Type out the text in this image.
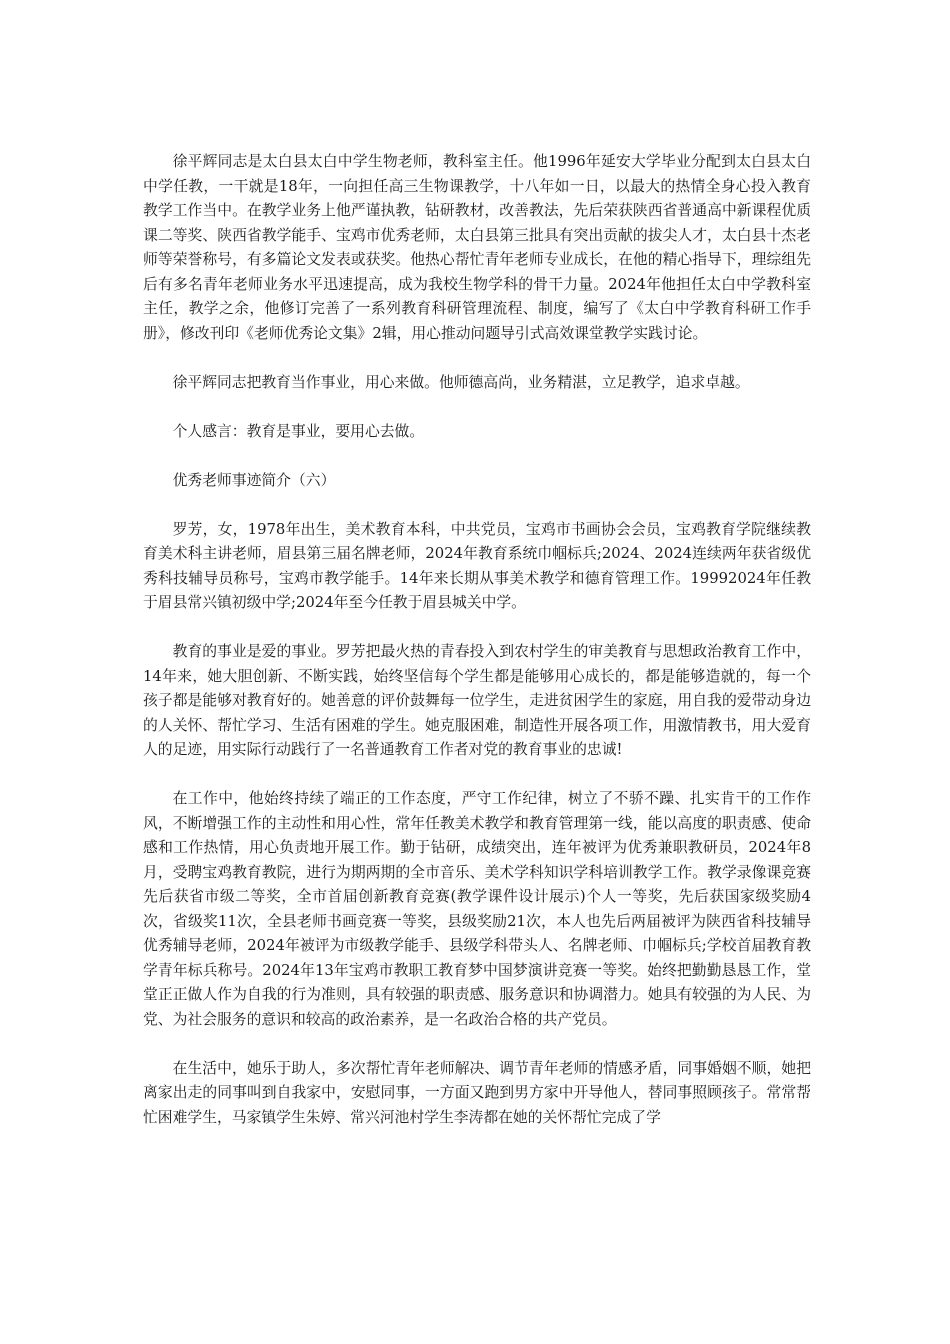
徐平辉同志是太白县太白中学生物老师，教科室主任。他1996年延安大学毕业分配到太白县太白中学任教，一干就是18年，一向担任高三生物课教学，十八年如一日，以最大的热情全身心投入教育教学工作当中。在教学业务上他严谨执教，钻研教材，改善教法，先后荣获陕西省普通高中新课程优质课二等奖、陕西省教学能手、宝鸡市优秀老师，太白县第三批具有突出贡献的拔尖人才，太白县十杰老师等荣誉称号，有多篇论文发表或获奖。他热心帮忙青年老师专业成长，在他的精心指导下，理综组先后有多名青年老师业务水平迅速提高，成为我校生物学科的骨干力量。2024年他担任太白中学教科室主任，教学之余，他修订完善了一系列教育科研管理流程、制度，编写了《太白中学教育科研工作手册》，修改刊印《老师优秀论文集》2辑，用心推动问题导引式高效课堂教学实践讨论。

徐平辉同志把教育当作事业，用心来做。他师德高尚，业务精湛，立足教学，追求卓越。

个人感言：教育是事业，要用心去做。

优秀老师事迹简介（六）

罗芳，女，1978年出生，美术教育本科，中共党员，宝鸡市书画协会会员，宝鸡教育学院继续教育美术科主讲老师，眉县第三届名牌老师，2024年教育系统巾帼标兵;2024、2024连续两年获省级优秀科技辅导员称号，宝鸡市教学能手。14年来长期从事美术教学和德育管理工作。19992024年任教于眉县常兴镇初级中学;2024年至今任教于眉县城关中学。

教育的事业是爱的事业。罗芳把最火热的青春投入到农村学生的审美教育与思想政治教育工作中，14年来，她大胆创新、不断实践，始终坚信每个学生都是能够用心成长的，都是能够造就的，每一个孩子都是能够对教育好的。她善意的评价鼓舞每一位学生，走进贫困学生的家庭，用自我的爱带动身边的人关怀、帮忙学习、生活有困难的学生。她克服困难，制造性开展各项工作，用激情教书，用大爱育人的足迹，用实际行动践行了一名普通教育工作者对党的教育事业的忠诚!

在工作中，他始终持续了端正的工作态度，严守工作纪律，树立了不骄不躁、扎实肯干的工作作风，不断增强工作的主动性和用心性，常年任教美术教学和教育管理第一线，能以高度的职责感、使命感和工作热情，用心负责地开展工作。勤于钻研，成绩突出，连年被评为优秀兼职教研员，2024年8月，受聘宝鸡教育教院，进行为期两期的全市音乐、美术学科知识学科培训教学工作。教学录像课竞赛先后获省市级二等奖，全市首届创新教育竞赛(教学课件设计展示)个人一等奖，先后获国家级奖励4次，省级奖11次，全县老师书画竞赛一等奖，县级奖励21次，本人也先后两届被评为陕西省科技辅导优秀辅导老师，2024年被评为市级教学能手、县级学科带头人、名牌老师、巾帼标兵;学校首届教育教学青年标兵称号。2024年13年宝鸡市教职工教育梦中国梦演讲竞赛一等奖。始终把勤勤恳恳工作，堂堂正正做人作为自我的行为准则，具有较强的职责感、服务意识和协调潜力。她具有较强的为人民、为党、为社会服务的意识和较高的政治素养，是一名政治合格的共产党员。

在生活中，她乐于助人，多次帮忙青年老师解决、调节青年老师的情感矛盾，同事婚姻不顺，她把离家出走的同事叫到自我家中，安慰同事，一方面又跑到男方家中开导他人，替同事照顾孩子。常常帮忙困难学生，马家镇学生朱婷、常兴河池村学生李涛都在她的关怀帮忙完成了学
